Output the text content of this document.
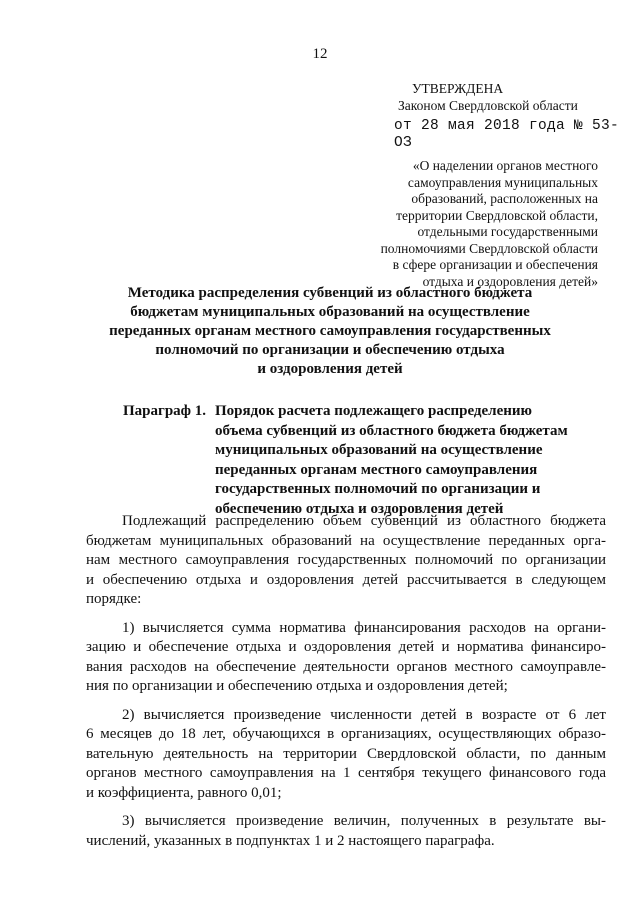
12
УТВЕРЖДЕНА
Законом Свердловской области
от 28 мая 2018 года № 53-ОЗ
«О наделении органов местного
самоуправления муниципальных
образований, расположенных на
территории Свердловской области,
отдельными государственными
полномочиями Свердловской области
в сфере организации и обеспечения
отдыха и оздоровления детей»
Методика распределения субвенций из областного бюджета
бюджетам муниципальных образований на осуществление
переданных органам местного самоуправления государственных
полномочий по организации и обеспечению отдыха
и оздоровления детей
Параграф 1. Порядок расчета подлежащего распределению
объема субвенций из областного бюджета бюджетам
муниципальных образований на осуществление
переданных органам местного самоуправления
государственных полномочий по организации и
обеспечению отдыха и оздоровления детей
Подлежащий распределению объем субвенций из областного бюджета
бюджетам муниципальных образований на осуществление переданных орга-
нам местного самоуправления государственных полномочий по организации
и обеспечению отдыха и оздоровления детей рассчитывается в следующем
порядке:
1) вычисляется сумма норматива финансирования расходов на органи-
зацию и обеспечение отдыха и оздоровления детей и норматива финансиро-
вания расходов на обеспечение деятельности органов местного самоуправле-
ния по организации и обеспечению отдыха и оздоровления детей;
2) вычисляется произведение численности детей в возрасте от 6 лет
6 месяцев до 18 лет, обучающихся в организациях, осуществляющих образо-
вательную деятельность на территории Свердловской области, по данным
органов местного самоуправления на 1 сентября текущего финансового года
и коэффициента, равного 0,01;
3) вычисляется произведение величин, полученных в результате вы-
числений, указанных в подпунктах 1 и 2 настоящего параграфа.
